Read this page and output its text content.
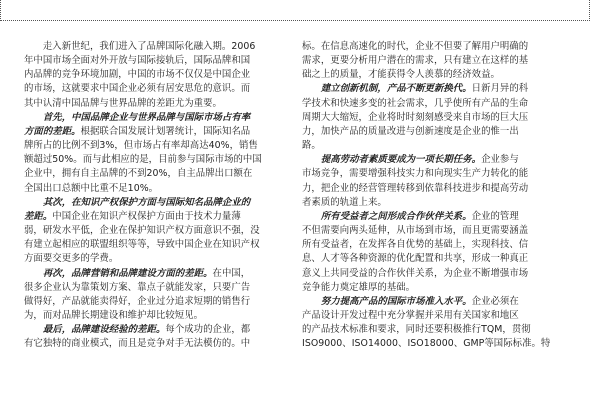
　　走入新世纪，我们进入了品牌国际化融入期。2006
年中国市场全面对外开放与国际接轨后，国际品牌和国
内品牌的竞争环境加剧，中国的市场不仅仅是中国企业
的市场，这就要求中国企业必须有居安思危的意识。而
其中认清中国品牌与世界品牌的差距尤为重要。
　　首先，中国品牌企业与世界品牌与国际市场占有率
方面的差距。根据联合国发展计划署统计，国际知名品
牌所占的比例不到3%，但市场占有率却高达40%，销售
额超过50%。而与此相应的是，目前参与国际市场的中国
企业中，拥有自主品牌的不到20%，自主品牌出口额在
全国出口总额中比重不足10%。
　　其次，在知识产权保护方面与国际知名品牌企业的
差距。中国企业在知识产权保护方面由于技术力量薄
弱，研发水平低，企业在保护知识产权方面意识不强，没
有建立起相应的联盟组织等等，导致中国企业在知识产权
方面要交更多的学费。
　　再次，品牌营销和品牌建设方面的差距。在中国，
很多企业认为靠策划方案、靠点子就能发家，只要广告
做得好，产品就能卖得好，企业过分追求短期的销售行
为，而对品牌长期建设和维护却比较短见。
　　最后，品牌建设经验的差距。每个成功的企业，都
有它独特的商业模式，而且是竞争对手无法模仿的。中
标。在信息高速化的时代，企业不但要了解用户明确的
需求，更要分析用户潜在的需求，只有建立在这样的基
础之上的质量，才能获得令人羡慕的经济效益。
　　建立创新机制，产品不断更新换代。日新月异的科
学技术和快速多变的社会需求，几乎使所有产品的生命
周期大大缩短，企业将时时刻刻感受来自市场的巨大压
力，加快产品的质量改进与创新速度是企业的惟一出
路。
　　提高劳动者素质要成为一项长期任务。企业参与
市场竞争，需要增强科技实力和向现实生产力转化的能
力，把企业的经营管理转移到依靠科技进步和提高劳动
者素质的轨道上来。
　　所有受益者之间形成合作伙伴关系。企业的管理
不但需要向两头延伸，从市场到市场，而且更需要涵盖
所有受益者，在发挥各自优势的基础上，实现科技、信
息、人才等各种资源的优化配置和共享，形成一种真正
意义上共同受益的合作伙伴关系，为企业不断增强市场
竞争能力奠定雄厚的基础。
　　努力提高产品的国际市场准入水平。企业必须在
产品设计开发过程中充分掌握并采用有关国家和地区
的产品技术标准和要求，同时还要积极推行TQM，贯彻
ISO9000、ISO14000、ISO18000、GMP等国际标准。特
